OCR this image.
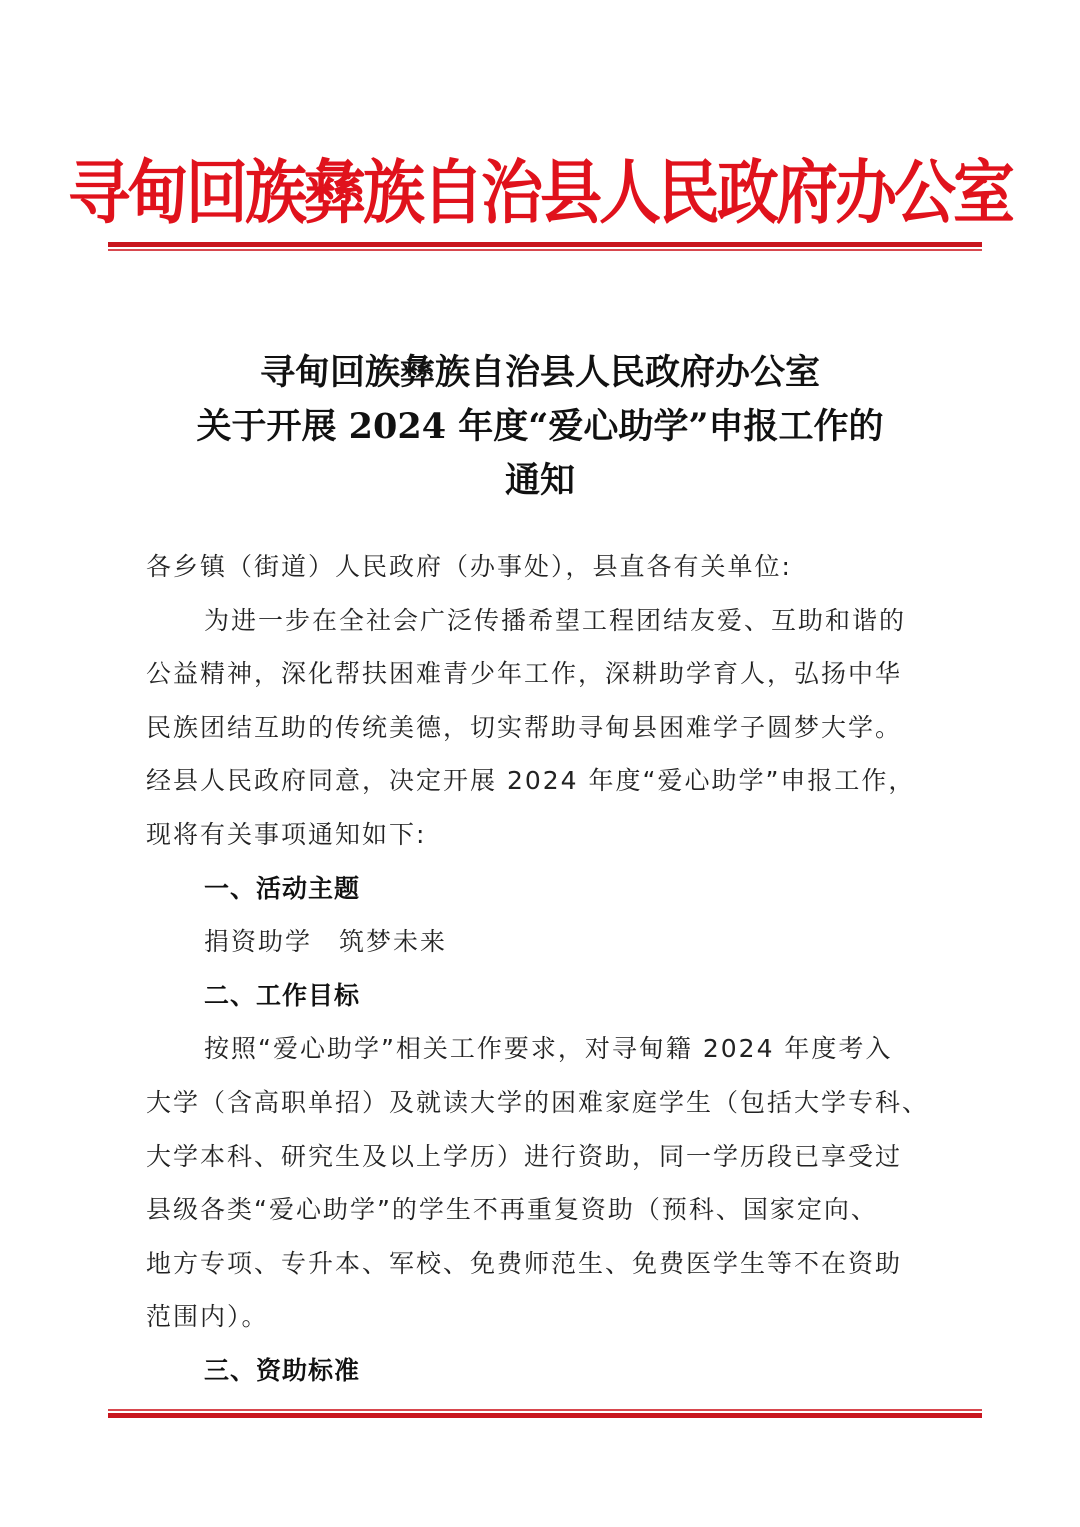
寻甸回族彝族自治县人民政府办公室
寻甸回族彝族自治县人民政府办公室
关于开展 2024 年度“爱心助学”申报工作的
通知
各乡镇（街道）人民政府（办事处），县直各有关单位:
为进一步在全社会广泛传播希望工程团结友爱、互助和谐的
公益精神，深化帮扶困难青少年工作，深耕助学育人，弘扬中华
民族团结互助的传统美德，切实帮助寻甸县困难学子圆梦大学。
经县人民政府同意，决定开展 2024 年度“爱心助学”申报工作，
现将有关事项通知如下:
一、活动主题
捐资助学　筑梦未来
二、工作目标
按照“爱心助学”相关工作要求，对寻甸籍 2024 年度考入
大学（含高职单招）及就读大学的困难家庭学生（包括大学专科、
大学本科、研究生及以上学历）进行资助，同一学历段已享受过
县级各类“爱心助学”的学生不再重复资助（预科、国家定向、
地方专项、专升本、军校、免费师范生、免费医学生等不在资助
范围内）。
三、资助标准
